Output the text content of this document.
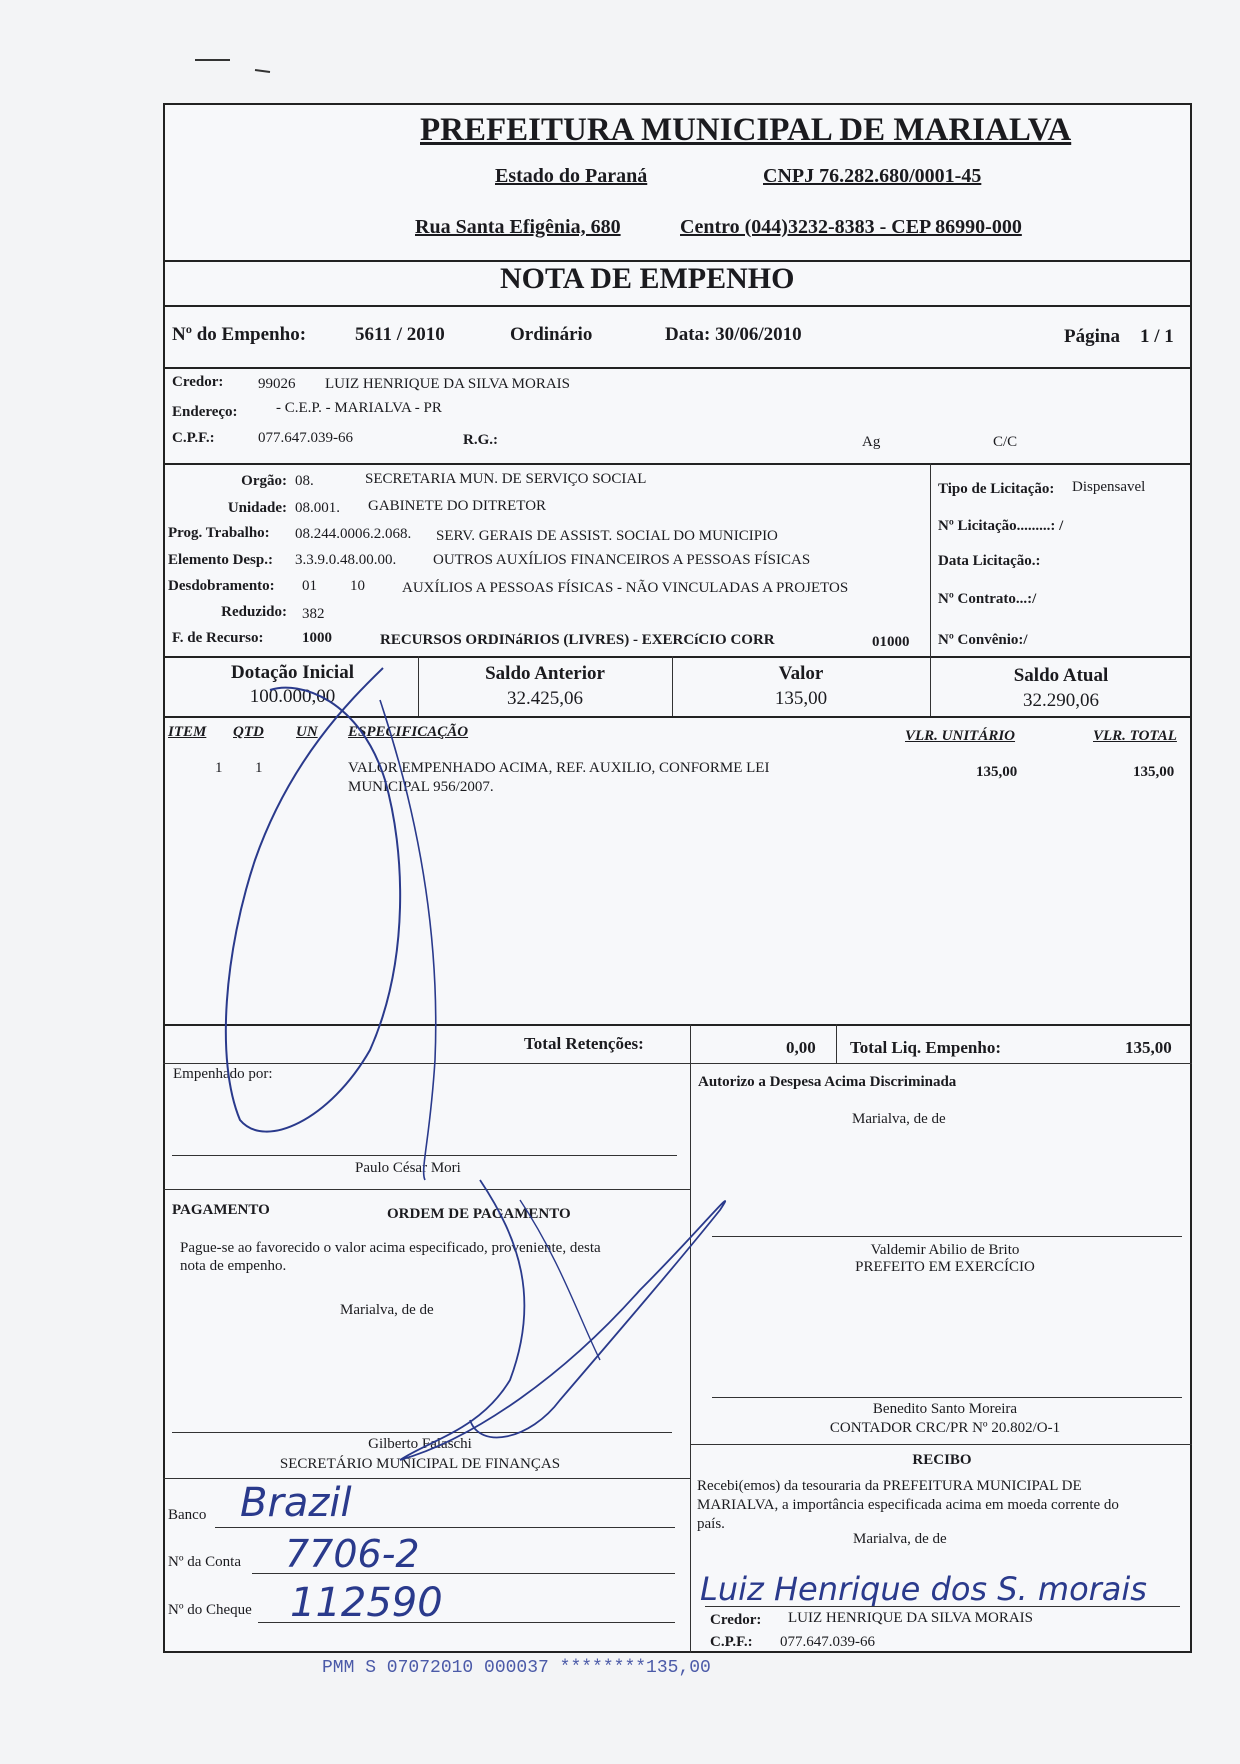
PREFEITURA MUNICIPAL DE MARIALVA
Estado do Paraná	CNPJ 76.282.680/0001-45
Rua Santa Efigênia, 680	Centro (044)3232-8383 - CEP 86990-000
NOTA DE EMPENHO
Nº do Empenho:	5611 / 2010	Ordinário	Data: 30/06/2010	Página 1 / 1
Credor: 99026 LUIZ HENRIQUE DA SILVA MORAIS
Endereço:	- C.E.P. - MARIALVA - PR
C.P.F.:	077.647.039-66	R.G.:	Ag	C/C
Orgão: 08.	SECRETARIA MUN. DE SERVIÇO SOCIAL
Unidade: 08.001. GABINETE DO DITRETOR
Prog. Trabalho: 08.244.0006.2.068. SERV. GERAIS DE ASSIST. SOCIAL DO MUNICIPIO
Elemento Desp.: 3.3.9.0.48.00.00. OUTROS AUXÍLIOS FINANCEIROS A PESSOAS FÍSICAS
Desdobramento: 01 10 AUXÍLIOS A PESSOAS FÍSICAS - NÃO VINCULADAS A PROJETOS
Reduzido: 382
F. de Recurso:	1000	RECURSOS ORDINáRIOS (LIVRES) - EXERCíCIO CORR	01000
Tipo de Licitação: Dispensavel
Nº Licitação.........: /
Data Licitação.:
Nº Contrato...:/
Nº Convênio:/
Dotação Inicial
100.000,00
Saldo Anterior
32.425,06
Valor
135,00
Saldo Atual
32.290,06
ITEM QTD UN ESPECIFICAÇÃO	VLR. UNITÁRIO	VLR. TOTAL
1 1	VALOR EMPENHADO ACIMA, REF. AUXILIO, CONFORME LEI
MUNICIPAL 956/2007.
135,00	135,00
Total Retenções:	0,00 Total Liq. Empenho:	135,00
Empenhado por:
Paulo César Mori
Autorizo a Despesa Acima Discriminada
Marialva, de de
Valdemir Abilio de Brito
PREFEITO EM EXERCÍCIO
Benedito Santo Moreira
CONTADOR CRC/PR Nº 20.802/O-1
PAGAMENTO	ORDEM DE PAGAMENTO
Pague-se ao favorecido o valor acima especificado, proveniente, desta
nota de empenho.
Marialva, de de
Gilberto Falaschi
SECRETÁRIO MUNICIPAL DE FINANÇAS
Banco Brazil
Nº da Conta 7706-2
Nº do Cheque 112590
RECIBO
Recebi(emos) da tesouraria da PREFEITURA MUNICIPAL DE
MARIALVA, a importância especificada acima em moeda corrente do
país.
Marialva, de de
Luiz Henrique dos S. morais
Credor: LUIZ HENRIQUE DA SILVA MORAIS
C.P.F.: 077.647.039-66
PMM S 07072010 000037 ********135,00
